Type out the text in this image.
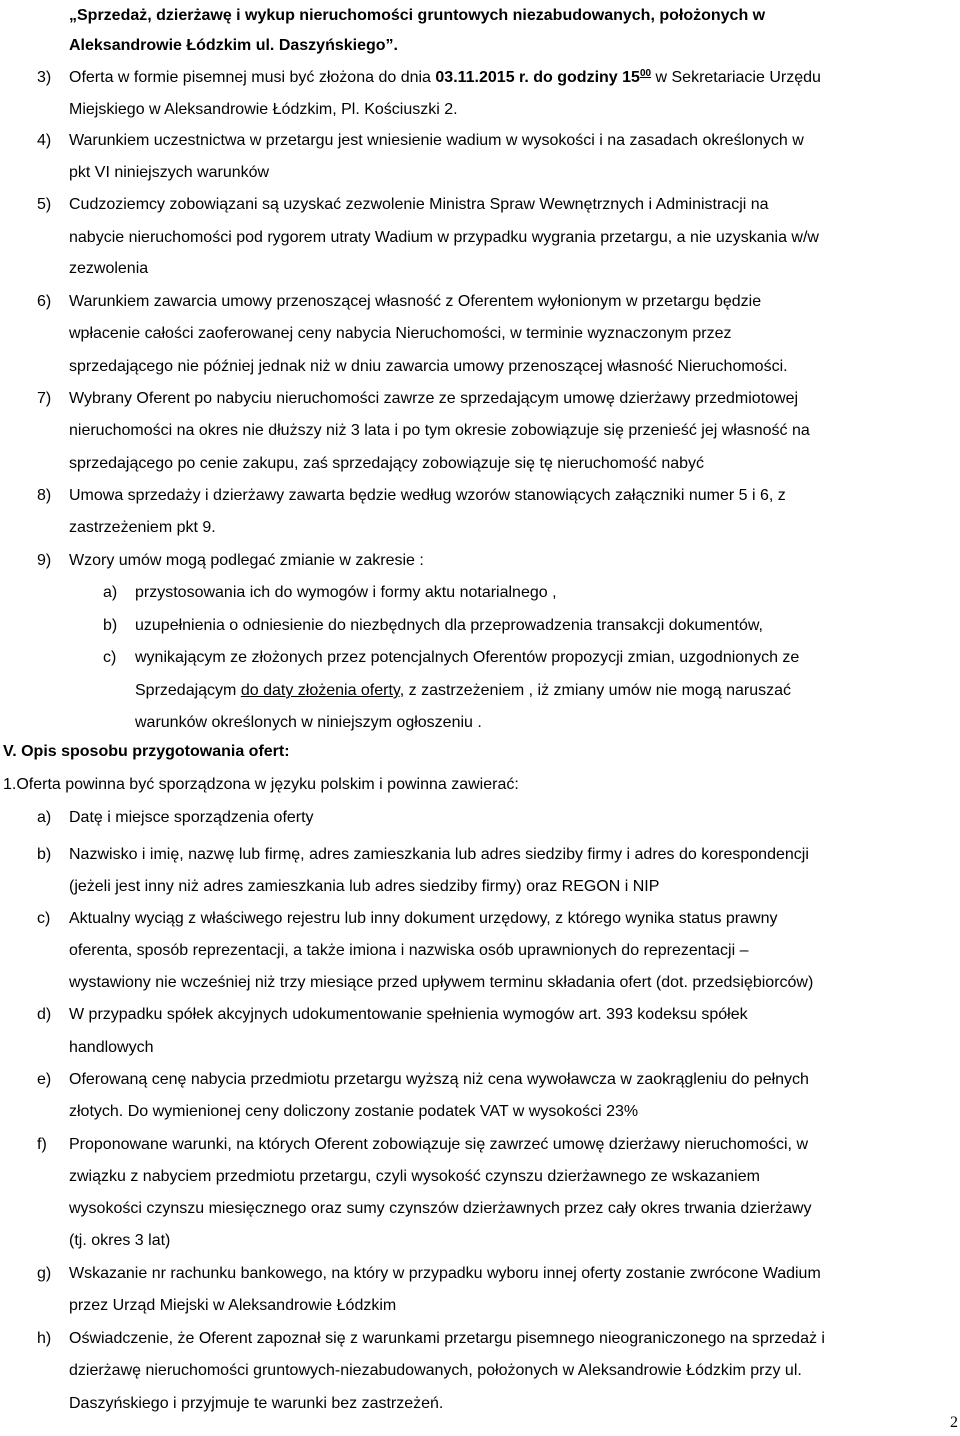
„Sprzedaż, dzierżawę i wykup nieruchomości gruntowych niezabudowanych, położonych w
Aleksandrowie Łódzkim ul. Daszyńskiego”.
3) Oferta w formie pisemnej musi być złożona do dnia 03.11.2015 r. do godziny $15^{00}$ w Sekretariacie Urzędu
Miejskiego w Aleksandrowie Łódzkim, Pl. Kościuszki 2.
4) Warunkiem uczestnictwa w przetargu jest wniesienie wadium w wysokości i na zasadach określonych w
pkt VI niniejszych warunków
5) Cudzoziemcy zobowiązani są uzyskać zezwolenie Ministra Spraw Wewnętrznych i Administracji na
nabycie nieruchomości pod rygorem utraty Wadium w przypadku wygrania przetargu, a nie uzyskania w/w
zezwolenia
6) Warunkiem zawarcia umowy przenoszącej własność z Oferentem wyłonionym w przetargu będzie
wpłacenie całości zaoferowanej ceny nabycia Nieruchomości, w terminie wyznaczonym przez
sprzedającego nie później jednak niż w dniu zawarcia umowy przenoszącej własność Nieruchomości.
7) Wybrany Oferent po nabyciu nieruchomości zawrze ze sprzedającym umowę dzierżawy przedmiotowej
nieruchomości na okres nie dłuższy niż 3 lata i po tym okresie zobowiązuje się przenieść jej własność na
sprzedającego po cenie zakupu, zaś sprzedający zobowiązuje się tę nieruchomość nabyć
8) Umowa sprzedaży i dzierżawy zawarta będzie według wzorów stanowiących załączniki numer 5 i 6, z
zastrzeżeniem pkt 9.
9) Wzory umów mogą podlegać zmianie w zakresie :
a) przystosowania ich do wymogów i formy aktu notarialnego ,
b) uzupełnienia o odniesienie do niezbędnych dla przeprowadzenia transakcji dokumentów,
c) wynikającym ze złożonych przez potencjalnych Oferentów propozycji zmian, uzgodnionych ze
Sprzedającym do daty złożenia oferty, z zastrzeżeniem , iż zmiany umów nie mogą naruszać
warunków określonych w niniejszym ogłoszeniu .
V. Opis sposobu przygotowania ofert:
1.Oferta powinna być sporządzona w języku polskim i powinna zawierać:
a) Datę i miejsce sporządzenia oferty
b) Nazwisko i imię, nazwę lub firmę, adres zamieszkania lub adres siedziby firmy i adres do korespondencji
(jeżeli jest inny niż adres zamieszkania lub adres siedziby firmy) oraz REGON i NIP
c) Aktualny wyciąg z właściwego rejestru lub inny dokument urzędowy, z którego wynika status prawny
oferenta, sposób reprezentacji, a także imiona i nazwiska osób uprawnionych do reprezentacji –
wystawiony nie wcześniej niż trzy miesiące przed upływem terminu składania ofert (dot. przedsiębiorców)
d) W przypadku spółek akcyjnych udokumentowanie spełnienia wymogów art. 393 kodeksu spółek
handlowych
e) Oferowaną cenę nabycia przedmiotu przetargu wyższą niż cena wywoławcza w zaokrągleniu do pełnych
złotych. Do wymienionej ceny doliczony zostanie podatek VAT w wysokości 23%
f) Proponowane warunki, na których Oferent zobowiązuje się zawrzeć umowę dzierżawy nieruchomości, w
związku z nabyciem przedmiotu przetargu, czyli wysokość czynszu dzierżawnego ze wskazaniem
wysokości czynszu miesięcznego oraz sumy czynszów dzierżawnych przez cały okres trwania dzierżawy
(tj. okres 3 lat)
g) Wskazanie nr rachunku bankowego, na który w przypadku wyboru innej oferty zostanie zwrócone Wadium
przez Urząd Miejski w Aleksandrowie Łódzkim
h) Oświadczenie, że Oferent zapoznał się z warunkami przetargu pisemnego nieograniczonego na sprzedaż i
dzierżawę nieruchomości gruntowych-niezabudowanych, położonych w Aleksandrowie Łódzkim przy ul.
Daszyńskiego i przyjmuje te warunki bez zastrzeżeń.
2
